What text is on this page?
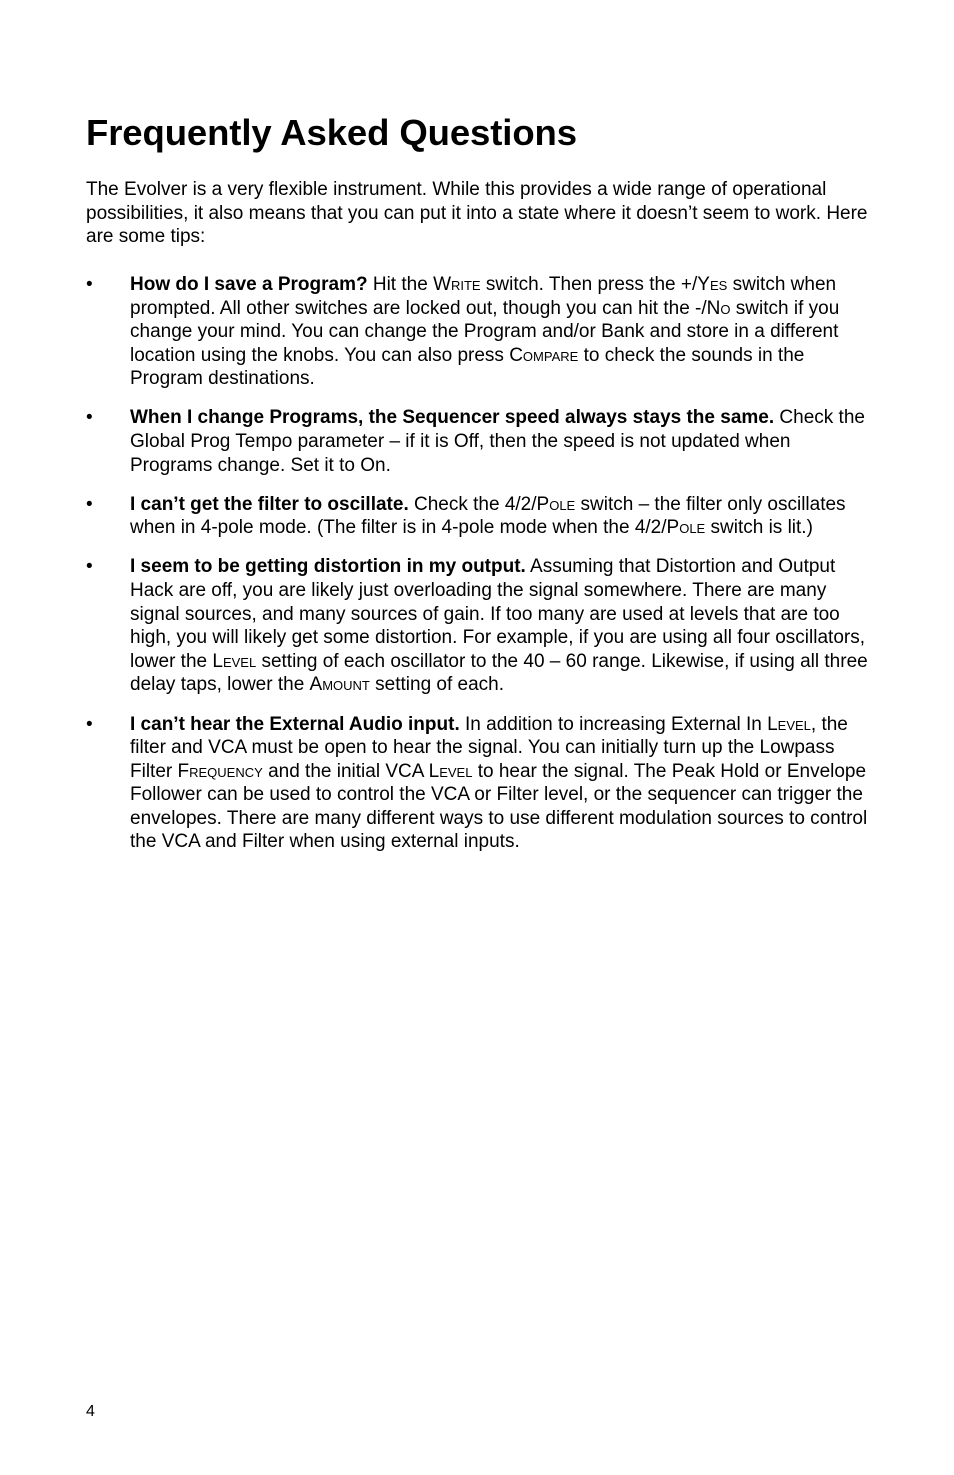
Frequently Asked Questions

The Evolver is a very flexible instrument. While this provides a wide range of operational possibilities, it also means that you can put it into a state where it doesn’t seem to work. Here are some tips:

•	How do I save a Program? Hit the Write switch. Then press the +/Yes switch when prompted. All other switches are locked out, though you can hit the -/No switch if you change your mind. You can change the Program and/or Bank and store in a different location using the knobs. You can also press Compare to check the sounds in the Program destinations.
•	When I change Programs, the Sequencer speed always stays the same. Check the Global Prog Tempo parameter – if it is Off, then the speed is not updated when Programs change. Set it to On.
•	I can’t get the filter to oscillate. Check the 4/2/Pole switch – the filter only oscillates when in 4-pole mode. (The filter is in 4-pole mode when the 4/2/Pole switch is lit.)
•	I seem to be getting distortion in my output. Assuming that Distortion and Output Hack are off, you are likely just overloading the signal somewhere. There are many signal sources, and many sources of gain. If too many are used at levels that are too high, you will likely get some distortion. For example, if you are using all four oscillators, lower the Level setting of each oscillator to the 40 – 60 range. Likewise, if using all three delay taps, lower the Amount setting of each.
•	I can’t hear the External Audio input. In addition to increasing External In Level, the filter and VCA must be open to hear the signal. You can initially turn up the Lowpass Filter Frequency and the initial VCA Level to hear the signal. The Peak Hold or Envelope Follower can be used to control the VCA or Filter level, or the sequencer can trigger the envelopes. There are many different ways to use different modulation sources to control the VCA and Filter when using external inputs.
4
